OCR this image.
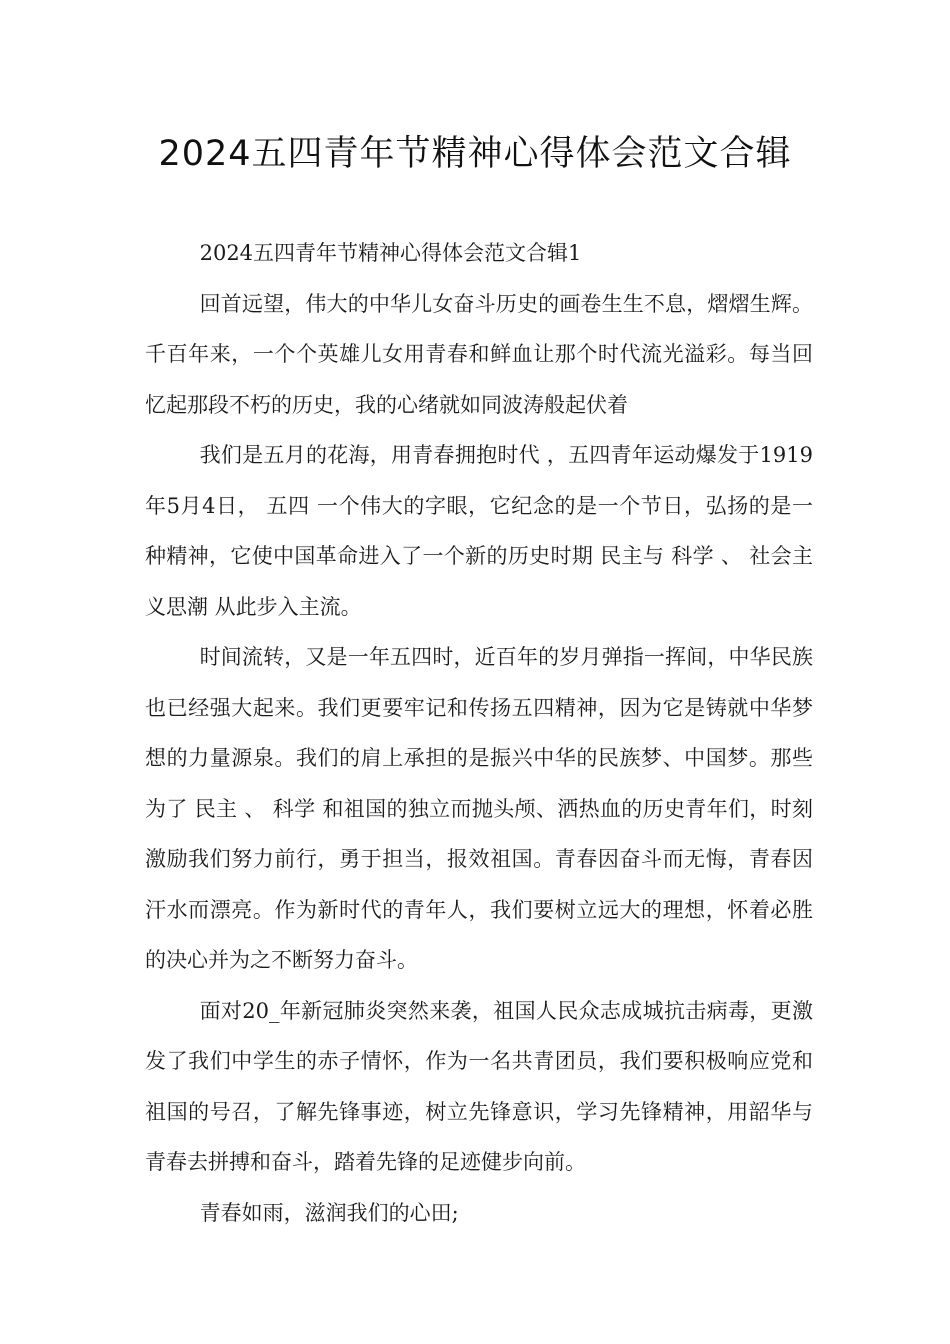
2024五四青年节精神心得体会范文合辑

2024五四青年节精神心得体会范文合辑1

回首远望，伟大的中华儿女奋斗历史的画卷生生不息，熠熠生辉。千百年来，一个个英雄儿女用青春和鲜血让那个时代流光溢彩。每当回忆起那段不朽的历史，我的心绪就如同波涛般起伏着

我们是五月的花海，用青春拥抱时代 ，五四青年运动爆发于1919年5月4日， 五四 一个伟大的字眼，它纪念的是一个节日，弘扬的是一种精神，它使中国革命进入了一个新的历史时期 民主与 科学 、 社会主义思潮 从此步入主流。

时间流转，又是一年五四时，近百年的岁月弹指一挥间，中华民族也已经强大起来。我们更要牢记和传扬五四精神，因为它是铸就中华梦想的力量源泉。我们的肩上承担的是振兴中华的民族梦、中国梦。那些为了 民主 、 科学 和祖国的独立而抛头颅、洒热血的历史青年们，时刻激励我们努力前行，勇于担当，报效祖国。青春因奋斗而无悔，青春因汗水而漂亮。作为新时代的青年人，我们要树立远大的理想，怀着必胜的决心并为之不断努力奋斗。

面对20_年新冠肺炎突然来袭，祖国人民众志成城抗击病毒，更激发了我们中学生的赤子情怀，作为一名共青团员，我们要积极响应党和祖国的号召，了解先锋事迹，树立先锋意识，学习先锋精神，用韶华与青春去拼搏和奋斗，踏着先锋的足迹健步向前。

青春如雨，滋润我们的心田;
